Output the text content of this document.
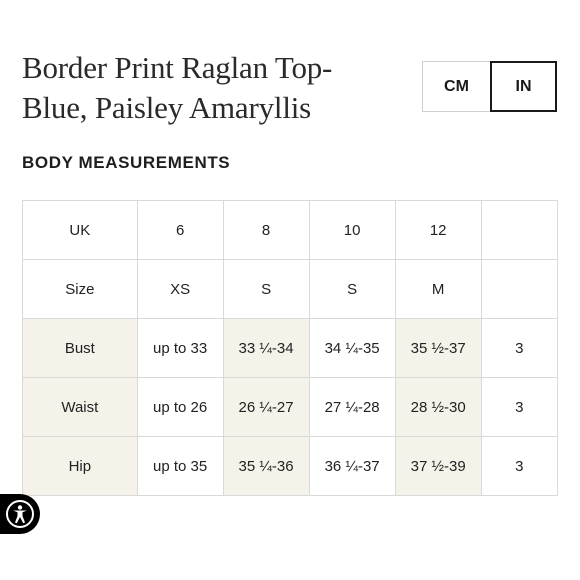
Border Print Raglan Top-
Blue, Paisley Amaryllis
CM	IN
BODY MEASUREMENTS
UK	6	8	10	12	
Size	XS	S	S	M	
Bust	up to 33	33 ¼-34	34 ¼-35	35 ½-37	3
Waist	up to 26	26 ¼-27	27 ¼-28	28 ½-30	3
Hip	up to 35	35 ¼-36	36 ¼-37	37 ½-39	3
